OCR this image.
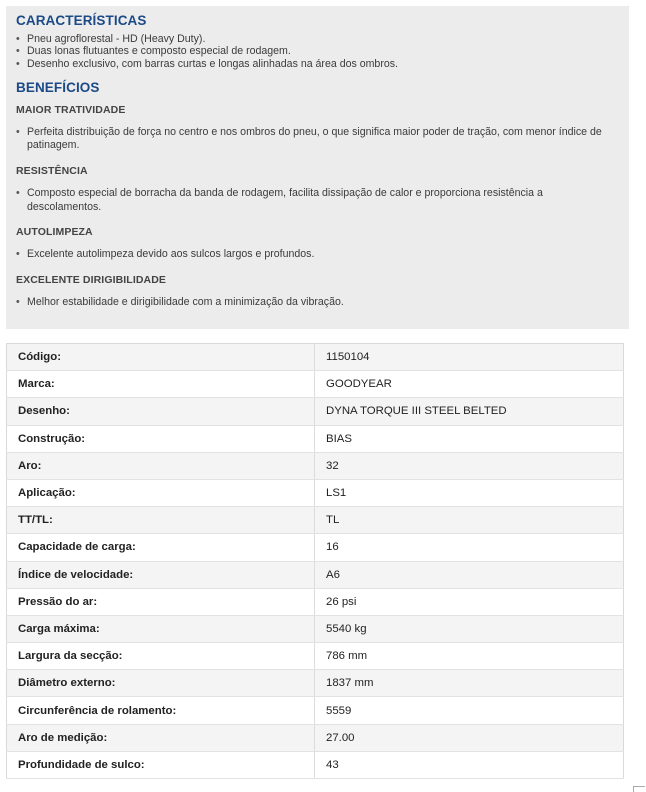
CARACTERÍSTICAS
• Pneu agroflorestal - HD (Heavy Duty).
• Duas lonas flutuantes e composto especial de rodagem.
• Desenho exclusivo, com barras curtas e longas alinhadas na área dos ombros.
BENEFÍCIOS
MAIOR TRATIVIDADE
• Perfeita distribuição de força no centro e nos ombros do pneu, o que significa maior poder de tração, com menor índice de patinagem.
RESISTÊNCIA
• Composto especial de borracha da banda de rodagem, facilita dissipação de calor e proporciona resistência a descolamentos.
AUTOLIMPEZA
• Excelente autolimpeza devido aos sulcos largos e profundos.
EXCELENTE DIRIGIBILIDADE
• Melhor estabilidade e dirigibilidade com a minimização da vibração.
Código:	1150104
Marca:	GOODYEAR
Desenho:	DYNA TORQUE III STEEL BELTED
Construção:	BIAS
Aro:	32
Aplicação:	LS1
TT/TL:	TL
Capacidade de carga:	16
Índice de velocidade:	A6
Pressão do ar:	26 psi
Carga máxima:	5540 kg
Largura da secção:	786 mm
Diâmetro externo:	1837 mm
Circunferência de rolamento:	5559
Aro de medição:	27.00
Profundidade de sulco:	43
